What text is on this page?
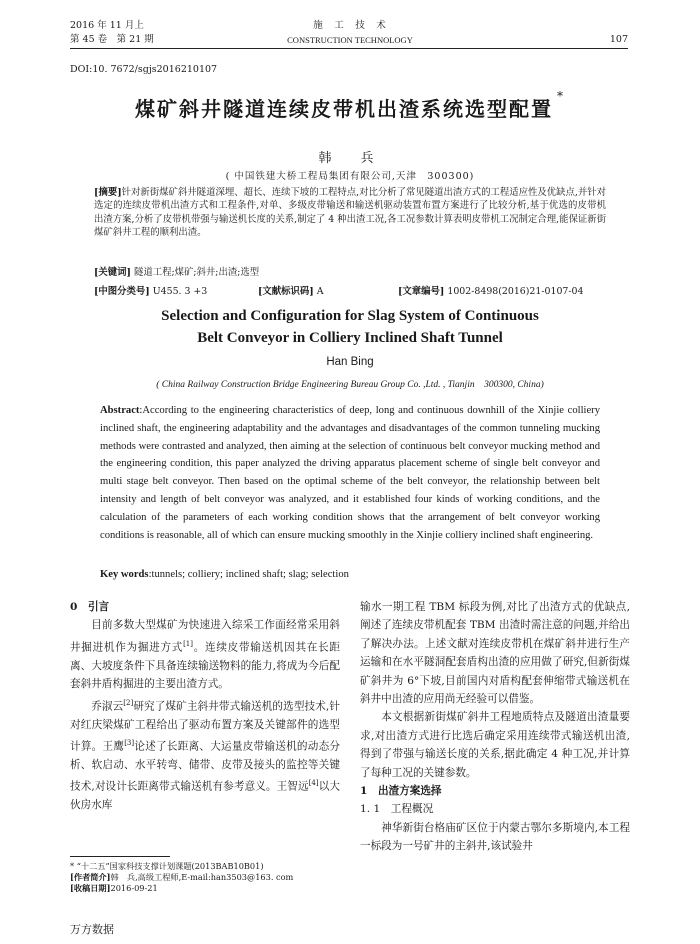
2016 年 11 月上
第 45 卷　第 21 期
施　工　技　术
CONSTRUCTION TECHNOLOGY	107
DOI:10. 7672/sgjs2016210107
煤矿斜井隧道连续皮带机出渣系统选型配置*
韩　兵
( 中国铁建大桥工程局集团有限公司,天津　300300)
[摘要]针对新街煤矿斜井隧道深埋、超长、连续下坡的工程特点,对比分析了常见隧道出渣方式的工程适应性及优缺点,并针对选定的连续皮带机出渣方式和工程条件,对单、多级皮带输送和输送机驱动装置布置方案进行了比较分析,基于优选的皮带机出渣方案,分析了皮带机带强与输送机长度的关系,制定了 4 种出渣工况,各工况参数计算表明皮带机工况制定合理,能保证新街煤矿斜井工程的顺利出渣。
[关键词] 隧道工程;煤矿;斜井;出渣;选型
[中图分类号] U455. 3 +3	[文献标识码] A	[文章编号] 1002-8498(2016)21-0107-04
Selection and Configuration for Slag System of Continuous
Belt Conveyor in Colliery Inclined Shaft Tunnel
Han Bing
( China Railway Construction Bridge Engineering Bureau Group Co. ,Ltd. , Tianjin　300300, China)
Abstract:According to the engineering characteristics of deep, long and continuous downhill of the Xinjie colliery inclined shaft, the engineering adaptability and the advantages and disadvantages of the common tunneling mucking methods were contrasted and analyzed, then aiming at the selection of continuous belt conveyor mucking method and the engineering condition, this paper analyzed the driving apparatus placement scheme of single belt conveyor and multi stage belt conveyor. Then based on the optimal scheme of the belt conveyor, the relationship between belt intensity and length of belt conveyor was analyzed, and it established four kinds of working conditions, and the calculation of the parameters of each working condition shows that the arrangement of belt conveyor working conditions is reasonable, all of which can ensure mucking smoothly in the Xinjie colliery inclined shaft engineering.
Key words:tunnels; colliery; inclined shaft; slag; selection
0　引言

目前多数大型煤矿为快速进入综采工作面经常采用斜井掘进机作为掘进方式[1]。连续皮带输送机因其在长距离、大坡度条件下具备连续输送物料的能力,将成为今后配套斜井盾构掘进的主要出渣方式。

乔淑云[2]研究了煤矿主斜井带式输送机的选型技术,针对红庆梁煤矿工程给出了驱动布置方案及关键部件的选型计算。王鹰[3]论述了长距离、大运量皮带输送机的动态分析、软启动、水平转弯、储带、皮带及接头的监控等关键技术,对设计长距离带式输送机有参考意义。王智远[4]以大伙房水库

* “十二五”国家科技支撑计划课题(2013BAB10B01)
[作者简介]韩　兵,高级工程师,E-mail:han3503@163. com
[收稿日期]2016-09-21

输水一期工程 TBM 标段为例,对比了出渣方式的优缺点,阐述了连续皮带机配套 TBM 出渣时需注意的问题,并给出了解决办法。上述文献对连续皮带机在煤矿斜井进行生产运输和在水平隧洞配套盾构出渣的应用做了研究,但新街煤矿斜井为 6°下坡,目前国内对盾构配套伸缩带式输送机在斜井中出渣的应用尚无经验可以借鉴。

本文根据新街煤矿斜井工程地质特点及隧道出渣量要求,对出渣方式进行比选后确定采用连续带式输送机出渣,得到了带强与输送长度的关系,据此确定 4 种工况,并计算了每种工况的关键参数。

1　出渣方案选择
1. 1　工程概况

神华新街台格庙矿区位于内蒙古鄂尔多斯境内,本工程一标段为一号矿井的主斜井,该试验井

万方数据
